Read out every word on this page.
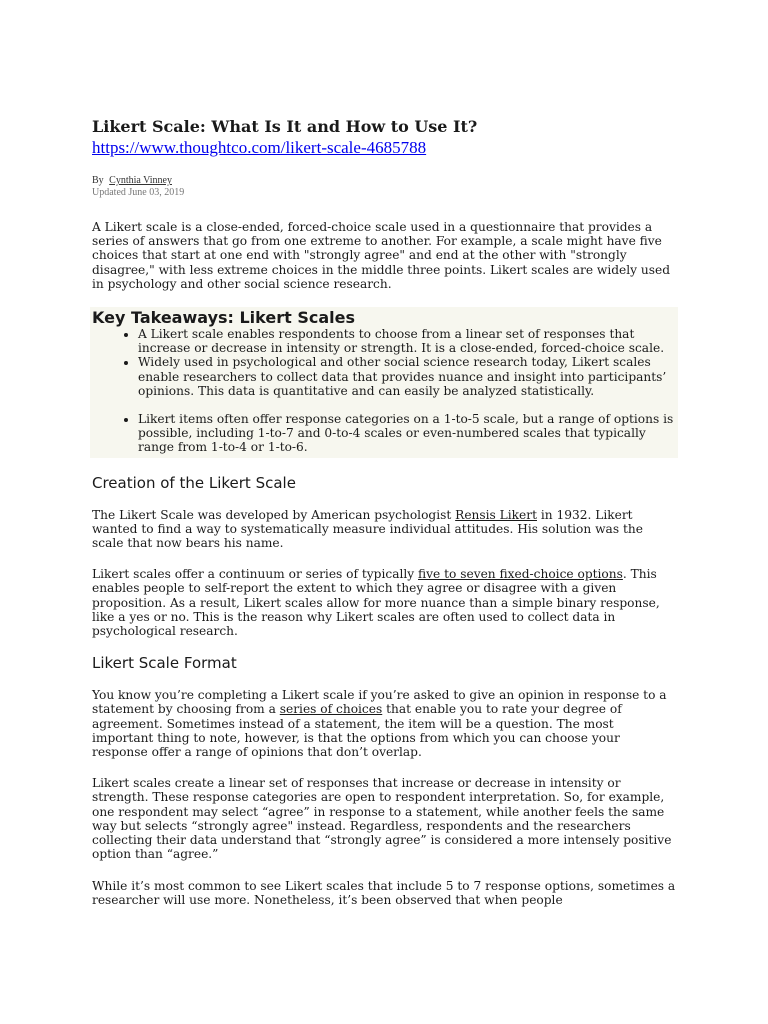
Likert Scale: What Is It and How to Use It?
https://www.thoughtco.com/likert-scale-4685788
By Cynthia Vinney
Updated June 03, 2019

A Likert scale is a close-ended, forced-choice scale used in a questionnaire that provides a series of answers that go from one extreme to another. For example, a scale might have five choices that start at one end with "strongly agree" and end at the other with "strongly disagree," with less extreme choices in the middle three points. Likert scales are widely used in psychology and other social science research.

Key Takeaways: Likert Scales
• A Likert scale enables respondents to choose from a linear set of responses that increase or decrease in intensity or strength. It is a close-ended, forced-choice scale.
• Widely used in psychological and other social science research today, Likert scales enable researchers to collect data that provides nuance and insight into participants’ opinions. This data is quantitative and can easily be analyzed statistically.
• Likert items often offer response categories on a 1-to-5 scale, but a range of options is possible, including 1-to-7 and 0-to-4 scales or even-numbered scales that typically range from 1-to-4 or 1-to-6.
Creation of the Likert Scale

The Likert Scale was developed by American psychologist Rensis Likert in 1932. Likert wanted to find a way to systematically measure individual attitudes. His solution was the scale that now bears his name.

Likert scales offer a continuum or series of typically five to seven fixed-choice options. This enables people to self-report the extent to which they agree or disagree with a given proposition. As a result, Likert scales allow for more nuance than a simple binary response, like a yes or no. This is the reason why Likert scales are often used to collect data in psychological research.

Likert Scale Format

You know you’re completing a Likert scale if you’re asked to give an opinion in response to a statement by choosing from a series of choices that enable you to rate your degree of agreement. Sometimes instead of a statement, the item will be a question. The most important thing to note, however, is that the options from which you can choose your response offer a range of opinions that don’t overlap.

Likert scales create a linear set of responses that increase or decrease in intensity or strength. These response categories are open to respondent interpretation. So, for example, one respondent may select “agree” in response to a statement, while another feels the same way but selects “strongly agree" instead. Regardless, respondents and the researchers collecting their data understand that “strongly agree” is considered a more intensely positive option than “agree.”

While it’s most common to see Likert scales that include 5 to 7 response options, sometimes a researcher will use more. Nonetheless, it’s been observed that when people
